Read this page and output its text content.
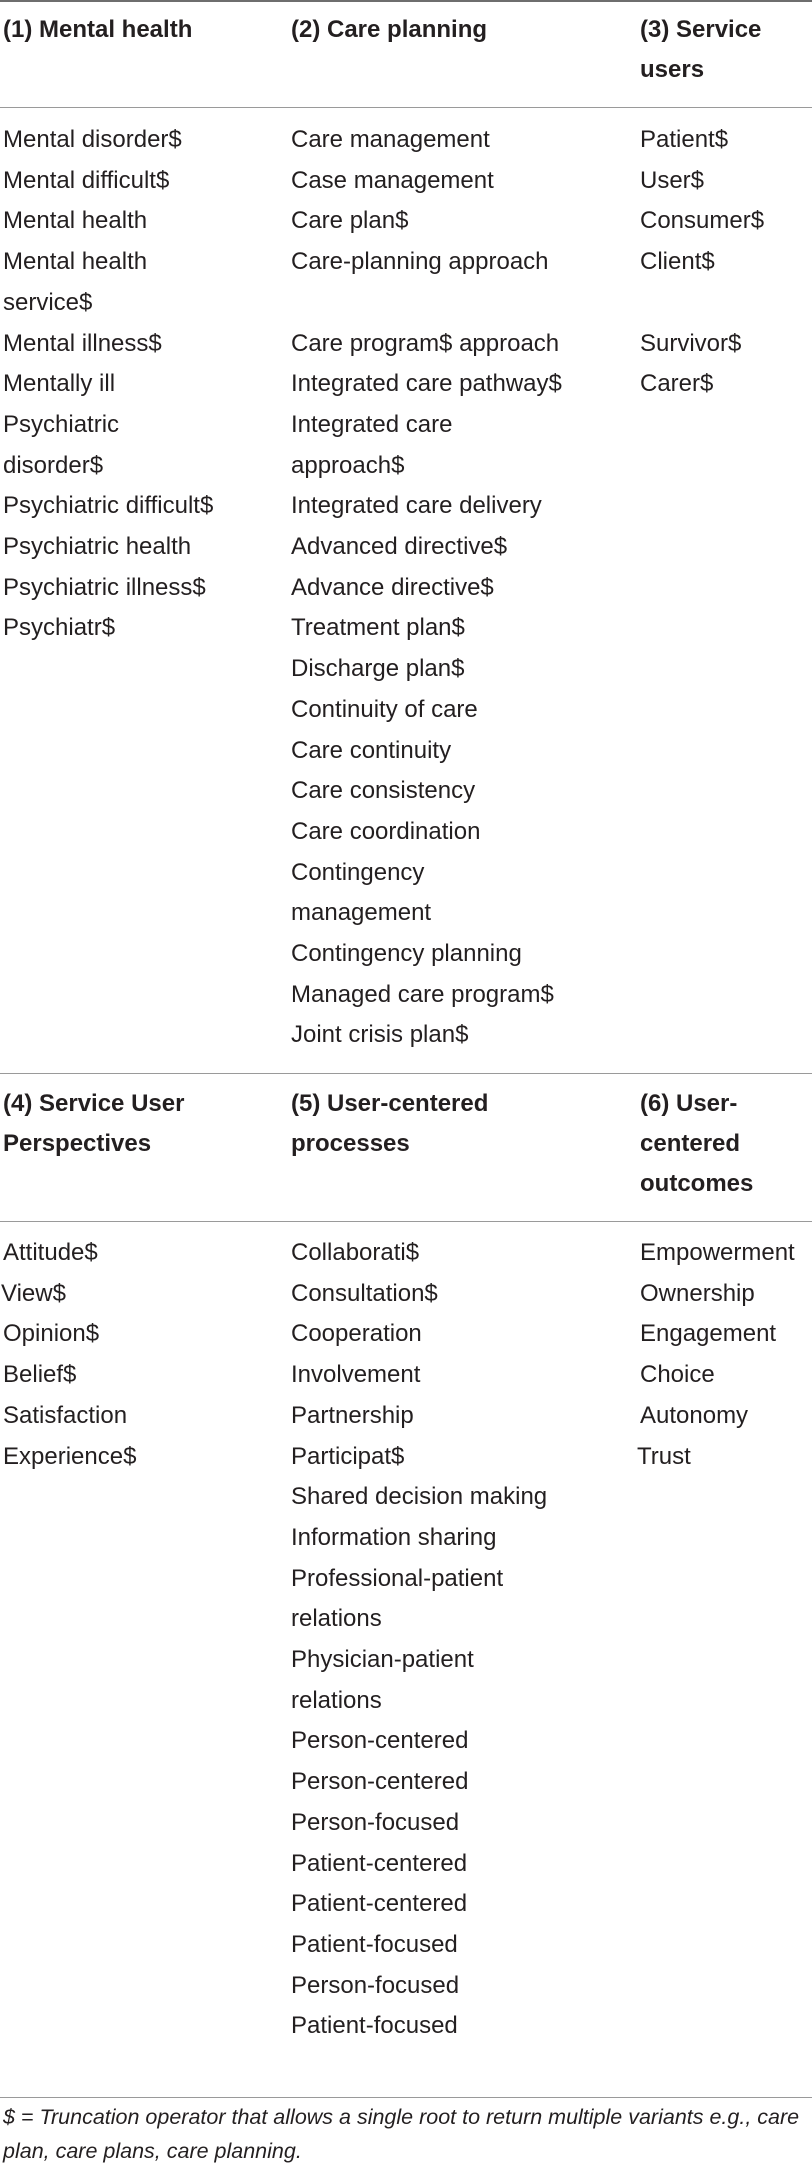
(1) Mental health	(2) Care planning	(3) Service users
Mental disorder$
Mental difficult$
Mental health
Mental health service$
Mental illness$
Mentally ill
Psychiatric disorder$
Psychiatric difficult$
Psychiatric health
Psychiatric illness$
Psychiatr$
Care management
Case management
Care plan$
Care-planning approach
Care program$ approach
Integrated care pathway$
Integrated care approach$
Integrated care delivery
Advanced directive$
Advance directive$
Treatment plan$
Discharge plan$
Continuity of care
Care continuity
Care consistency
Care coordination
Contingency management
Contingency planning
Managed care program$
Joint crisis plan$
Patient$
User$
Consumer$
Client$
Survivor$
Carer$
(4) Service User Perspectives
(5) User-centered processes
(6) User-centered outcomes
Attitude$
View$
Opinion$
Belief$
Satisfaction
Experience$
Collaborati$
Consultation$
Cooperation
Involvement
Partnership
Participat$
Shared decision making
Information sharing
Professional-patient relations
Physician-patient relations
Person-centered
Person-centered
Person-focused
Patient-centered
Patient-centered
Patient-focused
Person-focused
Patient-focused
Empowerment
Ownership
Engagement
Choice
Autonomy
Trust
$ = Truncation operator that allows a single root to return multiple variants e.g., care plan, care plans, care planning.
